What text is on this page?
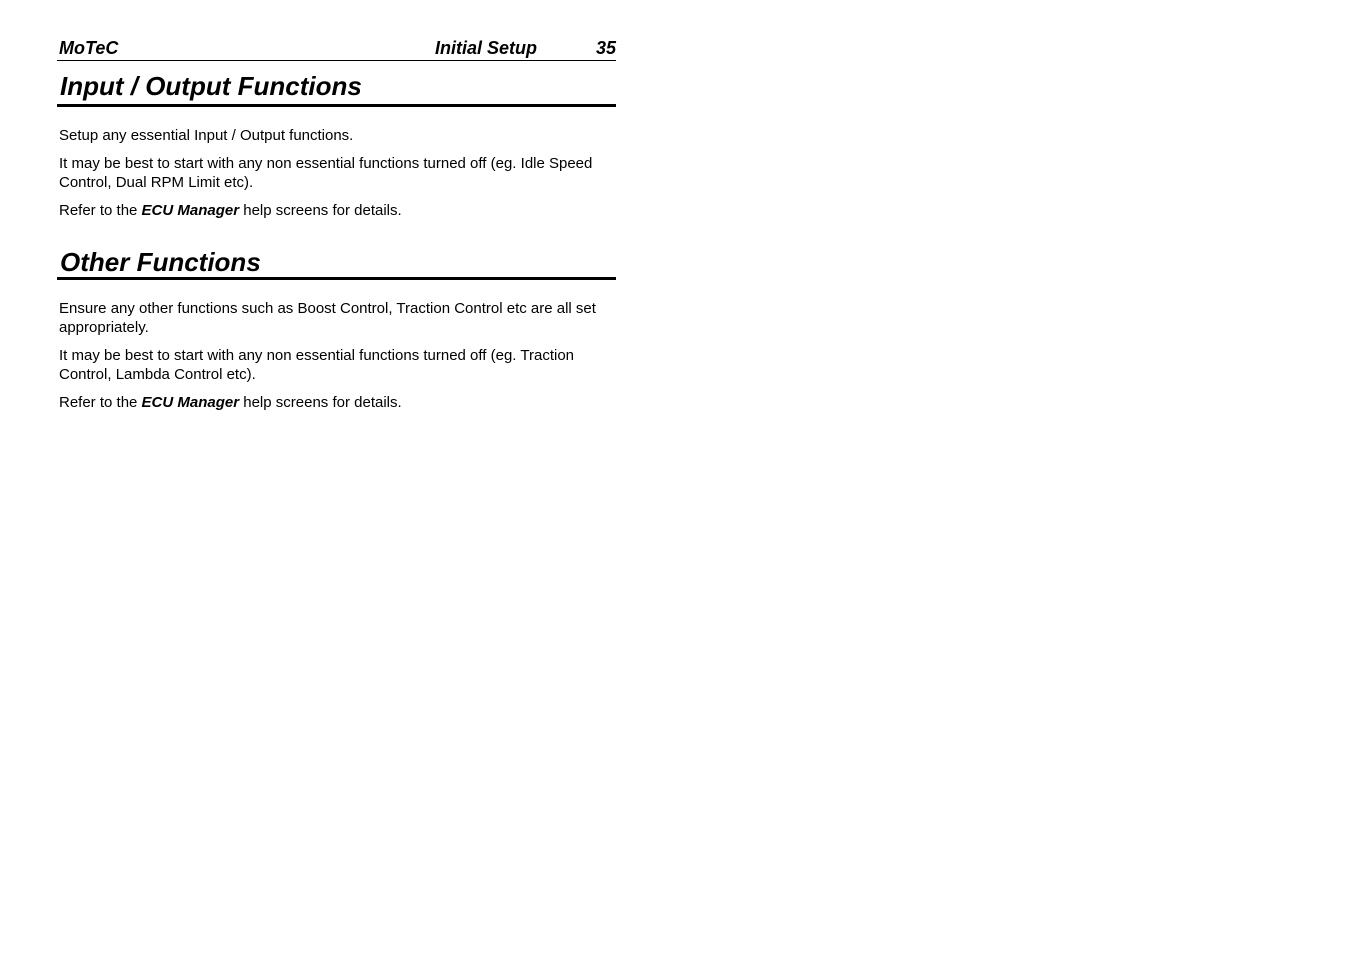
MoTeC	Initial Setup	35
Input / Output Functions

Setup any essential Input / Output functions.

It may be best to start with any non essential functions turned off (eg. Idle Speed Control, Dual RPM Limit etc).

Refer to the ECU Manager help screens for details.

Other Functions

Ensure any other functions such as Boost Control, Traction Control etc are all set appropriately.

It may be best to start with any non essential functions turned off (eg. Traction Control, Lambda Control etc).

Refer to the ECU Manager help screens for details.
